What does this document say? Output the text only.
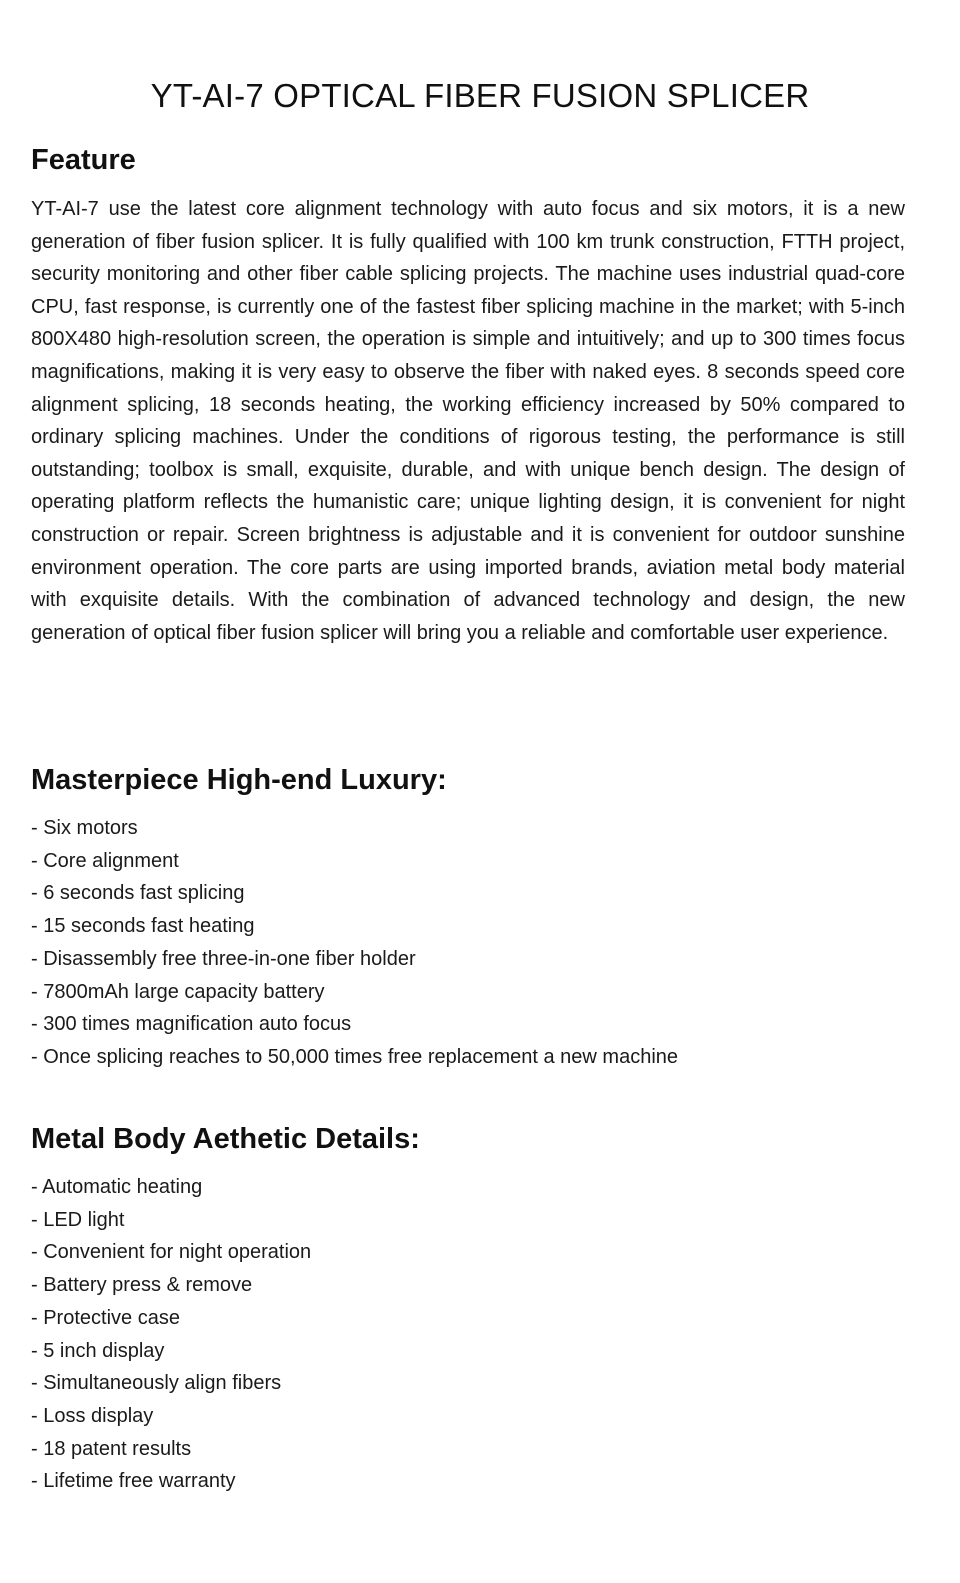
YT-AI-7 OPTICAL FIBER FUSION SPLICER
Feature

YT-AI-7 use the latest core alignment technology with auto focus and six motors, it is a new generation of fiber fusion splicer. It is fully qualified with 100 km trunk construction, FTTH project, security monitoring and other fiber cable splicing projects. The machine uses industrial quad-core CPU, fast response, is currently one of the fastest fiber splicing machine in the market; with 5-inch 800X480 high-resolution screen, the operation is simple and intuitively; and up to 300 times focus magnifications, making it is very easy to observe the fiber with naked eyes. 8 seconds speed core alignment splicing, 18 seconds heating, the working efficiency increased by 50% compared to ordinary splicing machines. Under the conditions of rigorous testing, the performance is still outstanding; toolbox is small, exquisite, durable, and with unique bench design. The design of operating platform reflects the humanistic care; unique lighting design, it is convenient for night construction or repair. Screen brightness is adjustable and it is convenient for outdoor sunshine environment operation. The core parts are using imported brands, aviation metal body material with exquisite details. With the combination of advanced technology and design, the new generation of optical fiber fusion splicer will bring you a reliable and comfortable user experience.

Masterpiece High-end Luxury:
- Six motors
- Core alignment
- 6 seconds fast splicing
- 15 seconds fast heating
- Disassembly free three-in-one fiber holder
- 7800mAh large capacity battery
- 300 times magnification auto focus
- Once splicing reaches to 50,000 times free replacement a new machine
Metal Body Aethetic Details:
- Automatic heating
- LED light
- Convenient for night operation
- Battery press & remove
- Protective case
- 5 inch display
- Simultaneously align fibers
- Loss display
- 18 patent results
- Lifetime free warranty
